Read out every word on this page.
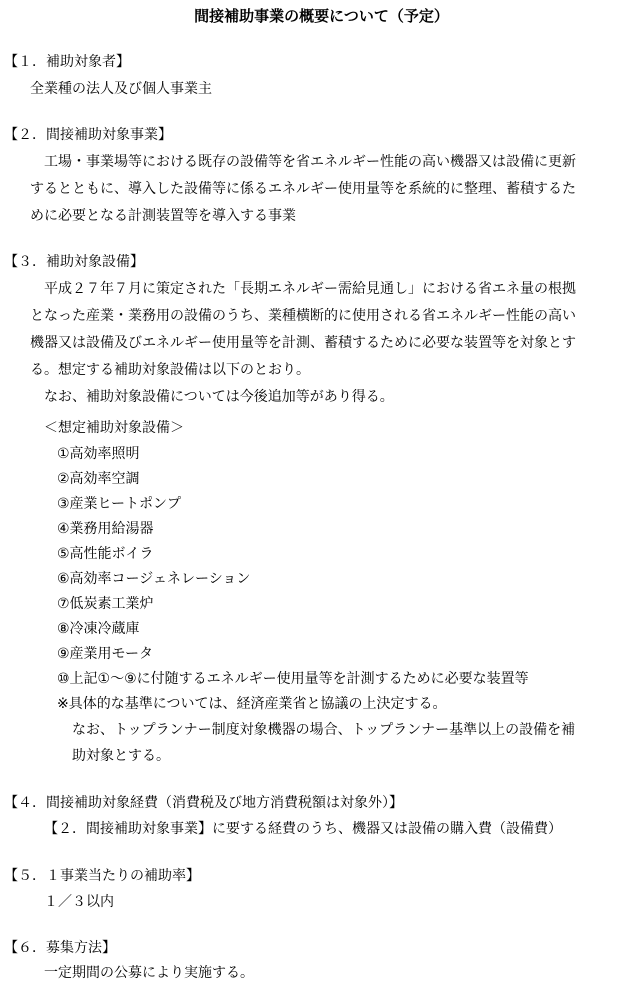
間接補助事業の概要について（予定）
【１．補助対象者】
全業種の法人及び個人事業主
【２．間接補助対象事業】
工場・事業場等における既存の設備等を省エネルギー性能の高い機器又は設備に更新
するとともに、導入した設備等に係るエネルギー使用量等を系統的に整理、蓄積するた
めに必要となる計測装置等を導入する事業
【３．補助対象設備】
平成２７年７月に策定された「長期エネルギー需給見通し」における省エネ量の根拠
となった産業・業務用の設備のうち、業種横断的に使用される省エネルギー性能の高い
機器又は設備及びエネルギー使用量等を計測、蓄積するために必要な装置等を対象とす
る。想定する補助対象設備は以下のとおり。
なお、補助対象設備については今後追加等があり得る。
＜想定補助対象設備＞
①高効率照明
②高効率空調
③産業ヒートポンプ
④業務用給湯器
⑤高性能ボイラ
⑥高効率コージェネレーション
⑦低炭素工業炉
⑧冷凍冷蔵庫
⑨産業用モータ
⑩上記①～⑨に付随するエネルギー使用量等を計測するために必要な装置等
※具体的な基準については、経済産業省と協議の上決定する。
なお、トップランナー制度対象機器の場合、トップランナー基準以上の設備を補
助対象とする。
【４．間接補助対象経費（消費税及び地方消費税額は対象外）】
【２．間接補助対象事業】に要する経費のうち、機器又は設備の購入費（設備費）
【５．１事業当たりの補助率】
１／３以内
【６．募集方法】
一定期間の公募により実施する。
